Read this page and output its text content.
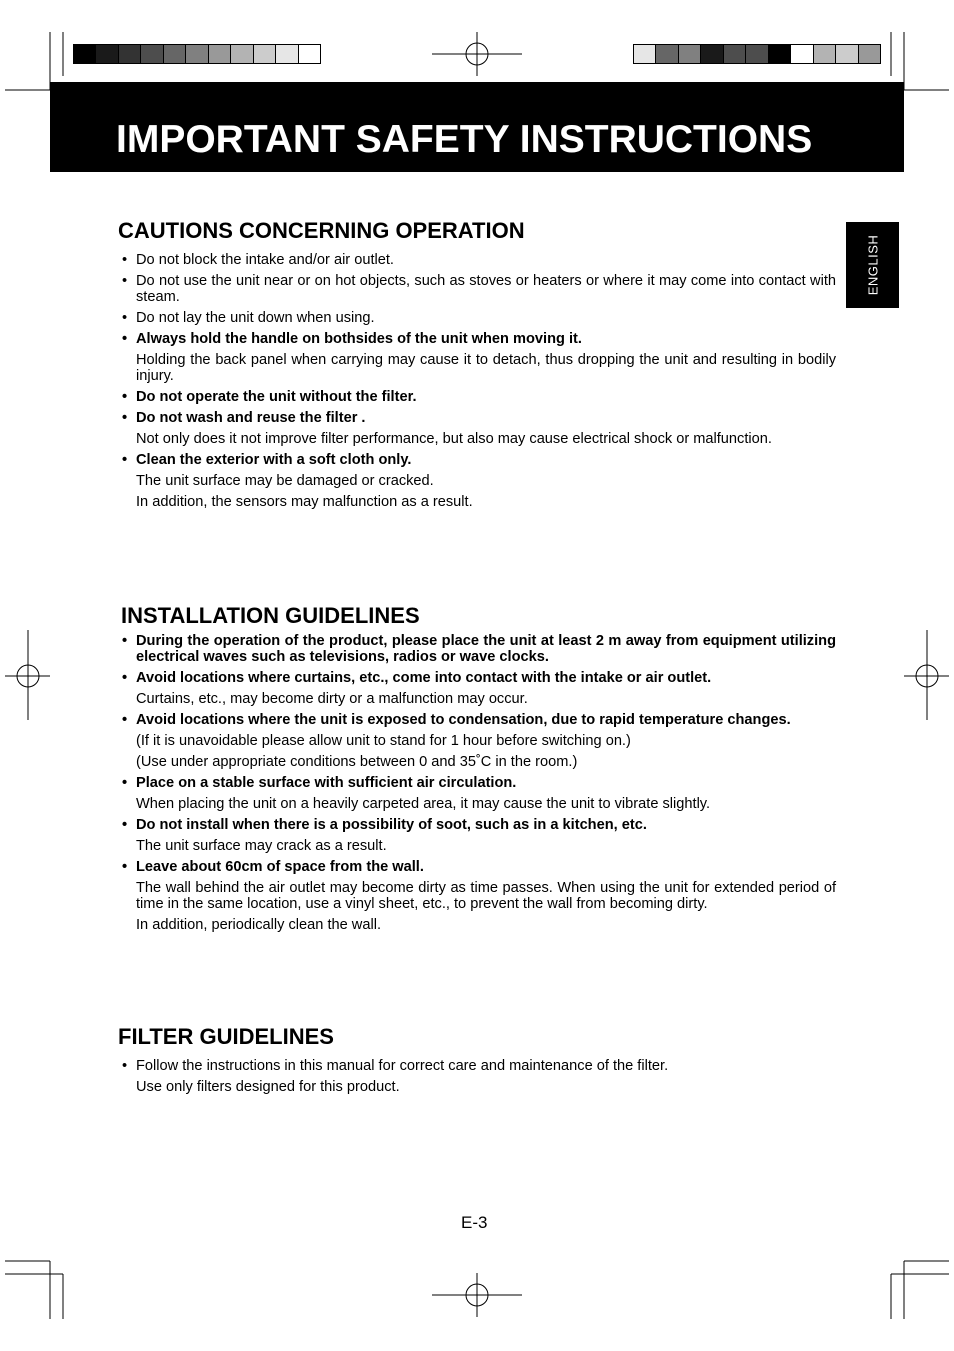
IMPORTANT SAFETY INSTRUCTIONS
ENGLISH
CAUTIONS CONCERNING OPERATION
• Do not block the intake and/or air outlet.
• Do not use the unit near or on hot objects, such as stoves or heaters or where it may come into contact with steam.
• Do not lay the unit down when using.
• Always hold the handle on bothsides of the unit when moving it.
Holding the back panel when carrying may cause it to detach, thus dropping the unit and resulting in bodily injury.
• Do not operate the unit without the filter.
• Do not wash and reuse the filter .
Not only does it not improve filter performance, but also may cause electrical shock or malfunction.
• Clean the exterior with a soft cloth only.
The unit surface may be damaged or cracked.
In addition, the sensors may malfunction as a result.
INSTALLATION GUIDELINES
• During the operation of the product, please place the unit at least 2 m away from equipment utilizing electrical waves such as televisions, radios or wave clocks.
• Avoid locations where curtains, etc., come into contact with the intake or air outlet.
Curtains, etc., may become dirty or a malfunction may occur.
• Avoid locations where the unit is exposed to condensation, due to rapid temperature changes.
(If it is unavoidable please allow unit to stand for 1 hour before switching on.)
(Use under appropriate conditions between 0 and 35˚C in the room.)
• Place on a stable surface with sufficient air circulation.
When placing the unit on a heavily carpeted area, it may cause the unit to vibrate slightly.
• Do not install when there is a possibility of soot, such as in a kitchen, etc.
The unit surface may crack as a result.
• Leave about 60cm of space from the wall.
The wall behind the air outlet may become dirty as time passes. When using the unit for extended period of time in the same location, use a vinyl sheet, etc., to prevent the wall from becoming dirty.
In addition, periodically clean the wall.
FILTER GUIDELINES
• Follow the instructions in this manual for correct care and maintenance of the filter.
Use only filters designed for this product.
E-3
